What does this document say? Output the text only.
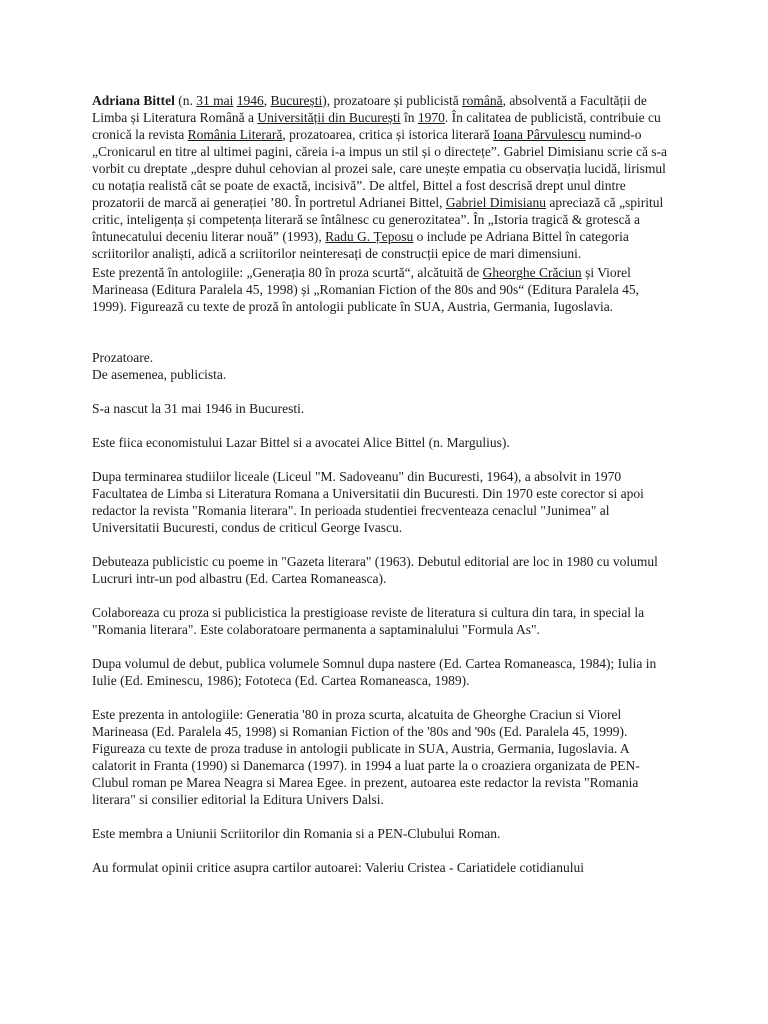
Adriana Bittel (n. 31 mai 1946, București), prozatoare și publicistă română, absolventă a Facultății de Limba și Literatura Română a Universității din București în 1970. În calitatea de publicistă, contribuie cu cronică la revista România Literară, prozatoarea, critica și istorica literară Ioana Pârvulescu numind-o „Cronicarul en titre al ultimei pagini, căreia i-a impus un stil și o directețe”. Gabriel Dimisianu scrie că s-a vorbit cu dreptate „despre duhul cehovian al prozei sale, care unește empatia cu observația lucidă, lirismul cu notația realistă cât se poate de exactă, incisivă”. De altfel, Bittel a fost descrisă drept unul dintre prozatorii de marcă ai generației ’80. În portretul Adrianei Bittel, Gabriel Dimisianu apreciază că „spiritul critic, inteligența și competența literară se întâlnesc cu generozitatea”. În „Istoria tragică & grotescă a întunecatului deceniu literar nouă” (1993), Radu G. Țeposu o include pe Adriana Bittel în categoria scriitorilor analiști, adică a scriitorilor neinteresați de construcții epice de mari dimensiuni.

Este prezentă în antologiile: „Generația 80 în proza scurtă“, alcătuită de Gheorghe Crăciun și Viorel Marineasa (Editura Paralela 45, 1998) și „Romanian Fiction of the 80s and 90s“ (Editura Paralela 45, 1999). Figurează cu texte de proză în antologii publicate în SUA, Austria, Germania, Iugoslavia.

Prozatoare.

De asemenea, publicista.

S-a nascut la 31 mai 1946 in Bucuresti.

Este fiica economistului Lazar Bittel si a avocatei Alice Bittel (n. Margulius).

Dupa terminarea studiilor liceale (Liceul "M. Sadoveanu" din Bucuresti, 1964), a absolvit in 1970 Facultatea de Limba si Literatura Romana a Universitatii din Bucuresti. Din 1970 este corector si apoi redactor la revista "Romania literara". In perioada studentiei frecventeaza cenaclul "Junimea" al Universitatii Bucuresti, condus de criticul George Ivascu.

Debuteaza publicistic cu poeme in "Gazeta literara" (1963). Debutul editorial are loc in 1980 cu volumul Lucruri intr-un pod albastru (Ed. Cartea Romaneasca).

Colaboreaza cu proza si publicistica la prestigioase reviste de literatura si cultura din tara, in special la "Romania literara". Este colaboratoare permanenta a saptaminalului "Formula As".

Dupa volumul de debut, publica volumele Somnul dupa nastere (Ed. Cartea Romaneasca, 1984); Iulia in Iulie (Ed. Eminescu, 1986); Fototeca (Ed. Cartea Romaneasca, 1989).

Este prezenta in antologiile: Generatia '80 in proza scurta, alcatuita de Gheorghe Craciun si Viorel Marineasa (Ed. Paralela 45, 1998) si Romanian Fiction of the '80s and '90s (Ed. Paralela 45, 1999). Figureaza cu texte de proza traduse in antologii publicate in SUA, Austria, Germania, Iugoslavia. A calatorit in Franta (1990) si Danemarca (1997). in 1994 a luat parte la o croaziera organizata de PEN-Clubul roman pe Marea Neagra si Marea Egee. in prezent, autoarea este redactor la revista "Romania literara" si consilier editorial la Editura Univers Dalsi.

Este membra a Uniunii Scriitorilor din Romania si a PEN-Clubului Roman.

Au formulat opinii critice asupra cartilor autoarei: Valeriu Cristea - Cariatidele cotidianului
